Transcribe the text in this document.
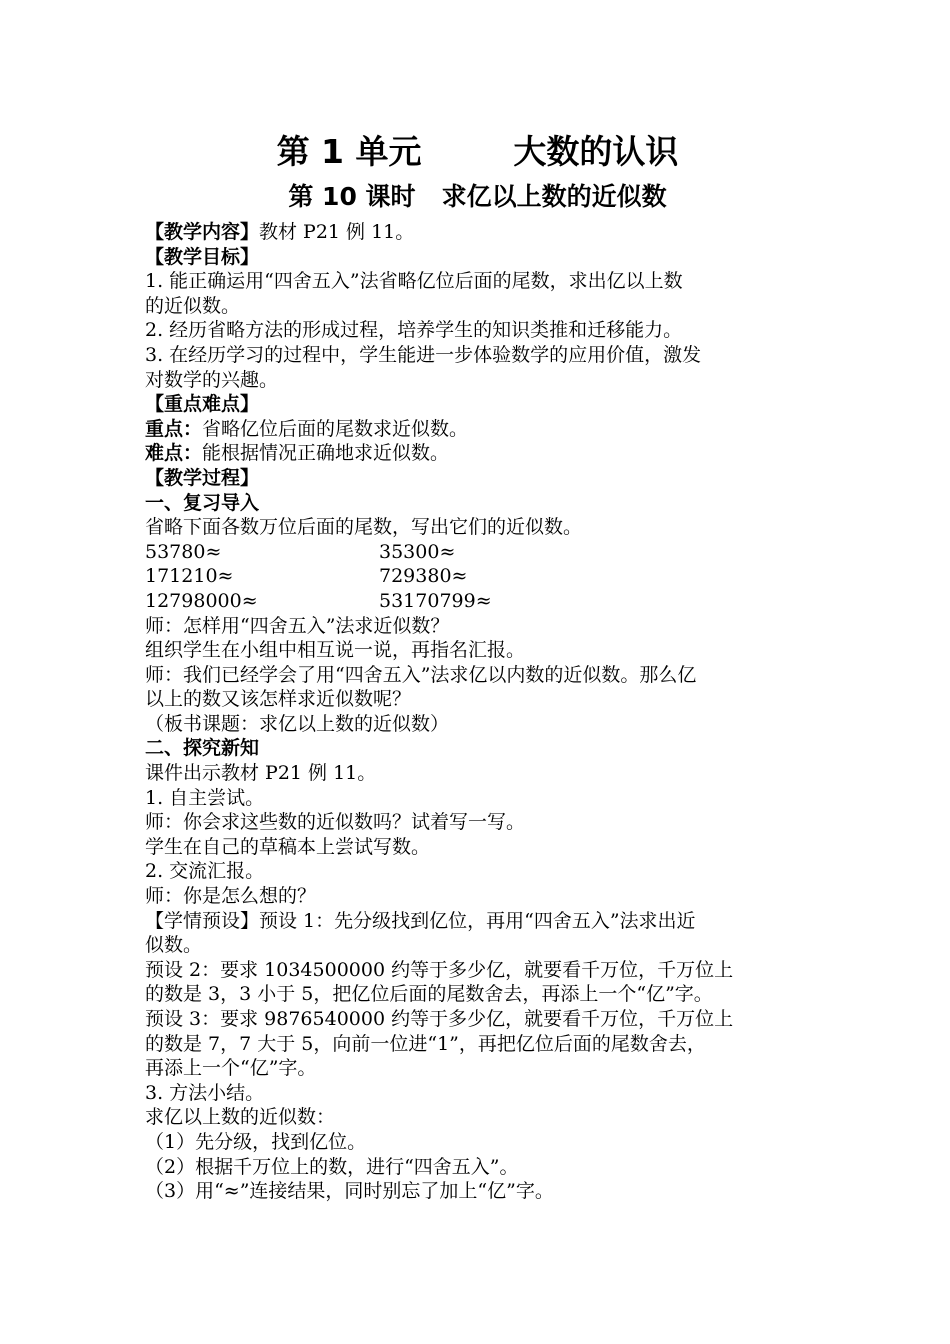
第 1 单元        大数的认识
第 10 课时   求亿以上数的近似数
【教学内容】教材 P21 例 11。
【教学目标】
1. 能正确运用“四舍五入”法省略亿位后面的尾数，求出亿以上数
的近似数。
2. 经历省略方法的形成过程，培养学生的知识类推和迁移能力。
3. 在经历学习的过程中，学生能进一步体验数学的应用价值，激发
对数学的兴趣。
【重点难点】
重点：省略亿位后面的尾数求近似数。
难点：能根据情况正确地求近似数。
【教学过程】
一、复习导入
省略下面各数万位后面的尾数，写出它们的近似数。
53780≈	35300≈
171210≈	729380≈
12798000≈	53170799≈
师：怎样用“四舍五入”法求近似数？
组织学生在小组中相互说一说，再指名汇报。
师：我们已经学会了用“四舍五入”法求亿以内数的近似数。那么亿
以上的数又该怎样求近似数呢？
（板书课题：求亿以上数的近似数）
二、探究新知
课件出示教材 P21 例 11。
1. 自主尝试。
师：你会求这些数的近似数吗？试着写一写。
学生在自己的草稿本上尝试写数。
2. 交流汇报。
师：你是怎么想的？
【学情预设】预设 1：先分级找到亿位，再用“四舍五入”法求出近
似数。
预设 2：要求 1034500000 约等于多少亿，就要看千万位，千万位上
的数是 3，3 小于 5，把亿位后面的尾数舍去，再添上一个“亿”字。
预设 3：要求 9876540000 约等于多少亿，就要看千万位，千万位上
的数是 7，7 大于 5，向前一位进“1”，再把亿位后面的尾数舍去，
再添上一个“亿”字。
3. 方法小结。
求亿以上数的近似数：
（1）先分级，找到亿位。
（2）根据千万位上的数，进行“四舍五入”。
（3）用“≈”连接结果，同时别忘了加上“亿”字。
